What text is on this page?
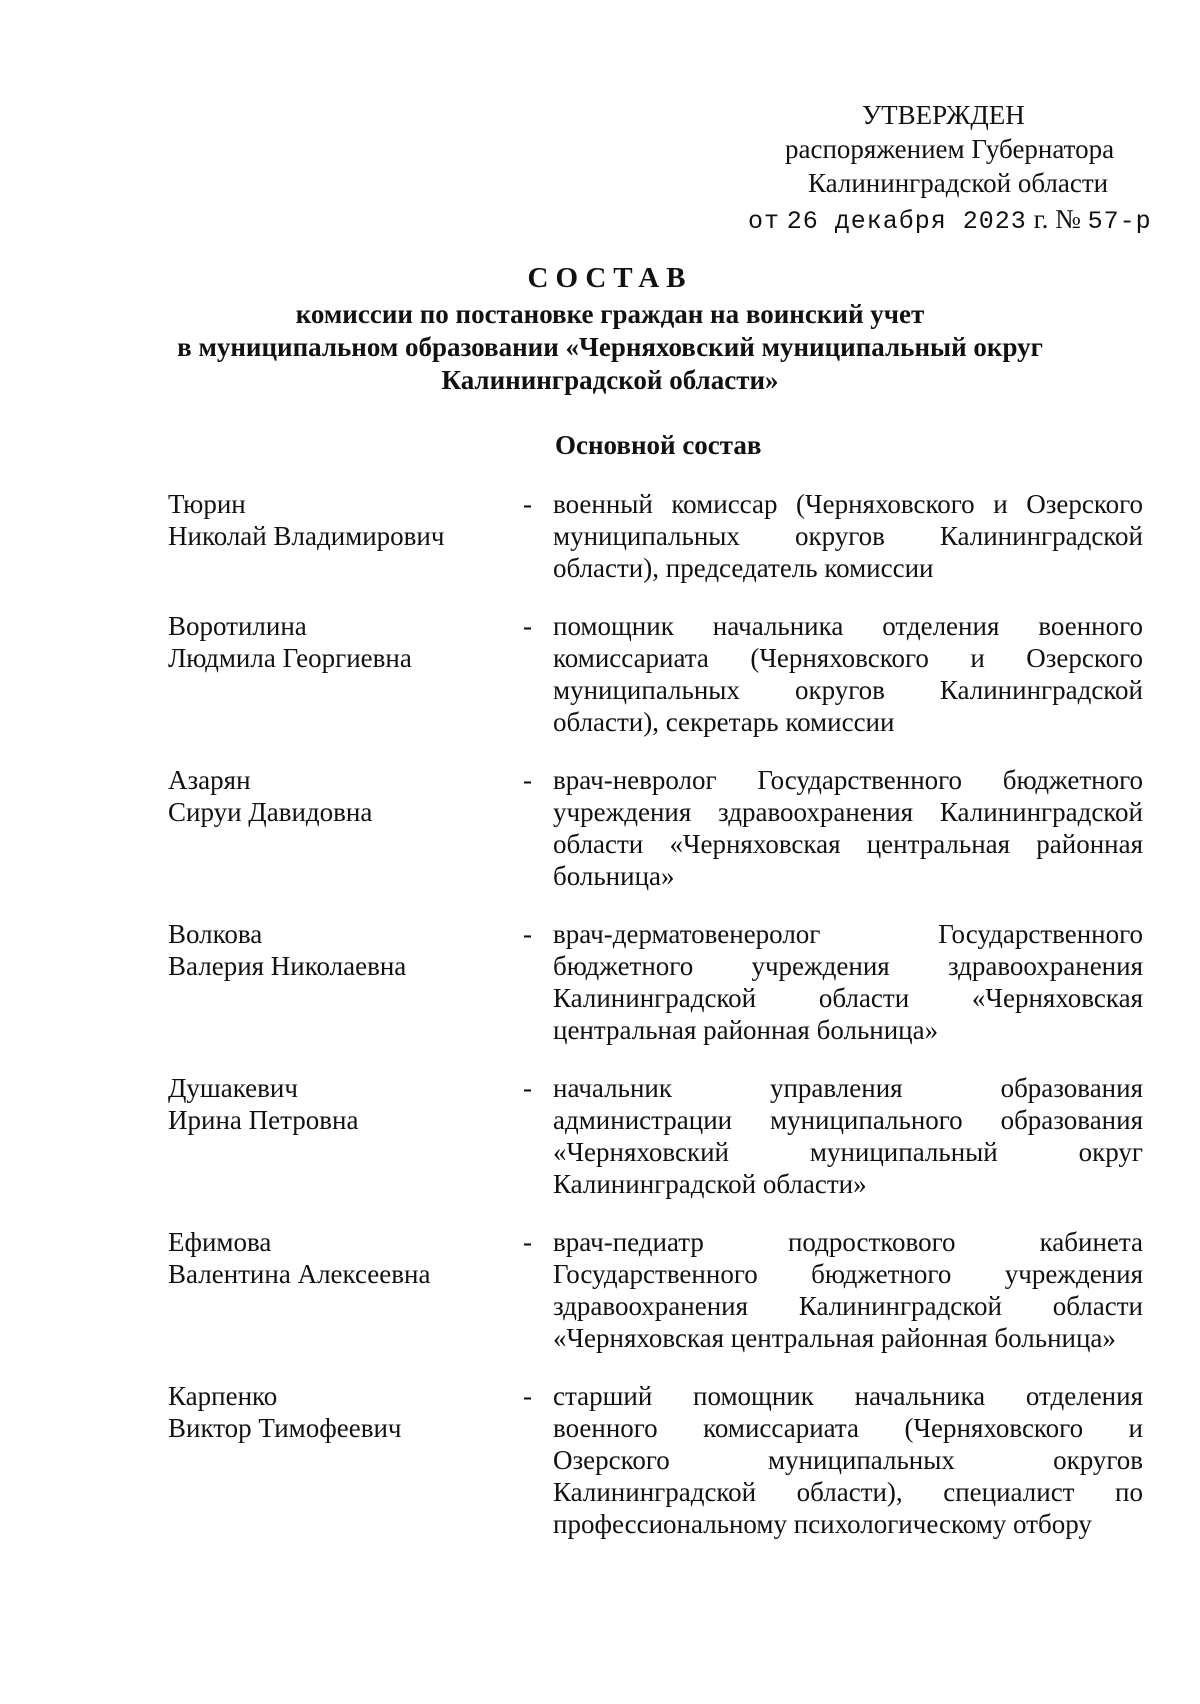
УТВЕРЖДЕН
распоряжением Губернатора
Калининградской области
от 26 декабря 2023 г. № 57-р
СОСТАВ
комиссии по постановке граждан на воинский учет
в муниципальном образовании «Черняховский муниципальный округ
Калининградской области»
Основной состав
Тюрин
Николай Владимирович
- военный комиссар (Черняховского и Озерского муниципальных округов Калининградской области), председатель комиссии
Воротилина
Людмила Георгиевна
- помощник начальника отделения военного комиссариата (Черняховского и Озерского муниципальных округов Калининградской области), секретарь комиссии
Азарян
Сируи Давидовна
- врач-невролог Государственного бюджетного учреждения здравоохранения Калининградской области «Черняховская центральная районная больница»
Волкова
Валерия Николаевна
- врач-дерматовенеролог Государственного бюджетного учреждения здравоохранения Калининградской области «Черняховская центральная районная больница»
Душакевич
Ирина Петровна
- начальник управления образования администрации муниципального образования «Черняховский муниципальный округ Калининградской области»
Ефимова
Валентина Алексеевна
- врач-педиатр подросткового кабинета Государственного бюджетного учреждения здравоохранения Калининградской области «Черняховская центральная районная больница»
Карпенко
Виктор Тимофеевич
- старший помощник начальника отделения военного комиссариата (Черняховского и Озерского муниципальных округов Калининградской области), специалист по профессиональному психологическому отбору
